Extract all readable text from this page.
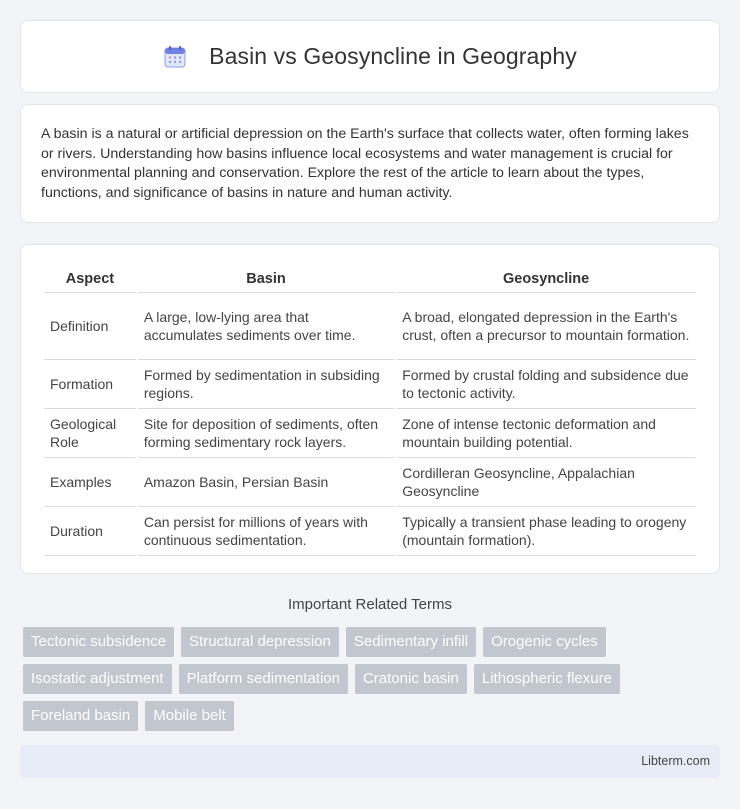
Basin vs Geosyncline in Geography

A basin is a natural or artificial depression on the Earth's surface that collects water, often forming lakes or rivers. Understanding how basins influence local ecosystems and water management is crucial for environmental planning and conservation. Explore the rest of the article to learn about the types, functions, and significance of basins in nature and human activity.

Aspect	Basin	Geosyncline
Definition	A large, low-lying area that accumulates sediments over time.	A broad, elongated depression in the Earth's crust, often a precursor to mountain formation.
Formation	Formed by sedimentation in subsiding regions.	Formed by crustal folding and subsidence due to tectonic activity.
Geological Role	Site for deposition of sediments, often forming sedimentary rock layers.	Zone of intense tectonic deformation and mountain building potential.
Examples	Amazon Basin, Persian Basin	Cordilleran Geosyncline, Appalachian Geosyncline
Duration	Can persist for millions of years with continuous sedimentation.	Typically a transient phase leading to orogeny (mountain formation).
Important Related Terms
Tectonic subsidence	Structural depression	Sedimentary infill	Orogenic cycles
Isostatic adjustment	Platform sedimentation	Cratonic basin	Lithospheric flexure
Foreland basin	Mobile belt
Libterm.com
